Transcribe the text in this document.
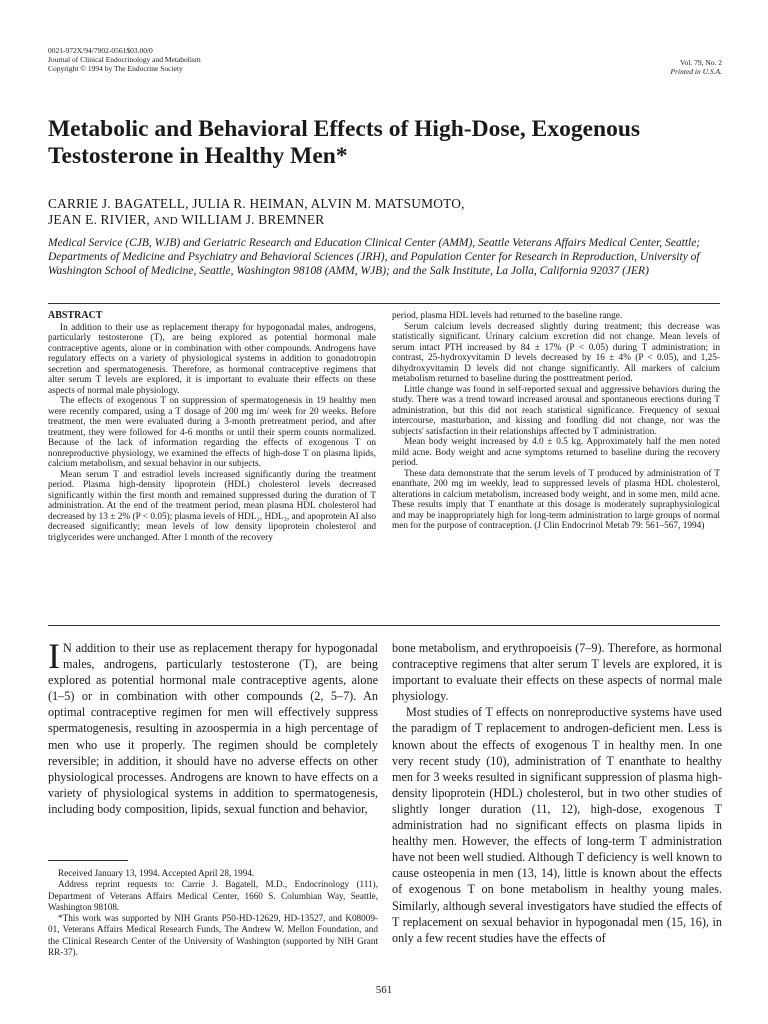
0021-972X/94/7902-0561$03.00/0
Journal of Clinical Endocrinology and Metabolism
Copyright © 1994 by The Endocrine Society
Vol. 79, No. 2
Printed in U.S.A.
Metabolic and Behavioral Effects of High-Dose, Exogenous Testosterone in Healthy Men*
CARRIE J. BAGATELL, JULIA R. HEIMAN, ALVIN M. MATSUMOTO,
JEAN E. RIVIER, AND WILLIAM J. BREMNER
Medical Service (CJB, WJB) and Geriatric Research and Education Clinical Center (AMM), Seattle Veterans Affairs Medical Center, Seattle; Departments of Medicine and Psychiatry and Behavioral Sciences (JRH), and Population Center for Research in Reproduction, University of Washington School of Medicine, Seattle, Washington 98108 (AMM, WJB); and the Salk Institute, La Jolla, California 92037 (JER)
ABSTRACT

In addition to their use as replacement therapy for hypogonadal males, androgens, particularly testosterone (T), are being explored as potential hormonal male contraceptive agents, alone or in combination with other compounds. Androgens have regulatory effects on a variety of physiological systems in addition to gonadotropin secretion and spermatogenesis. Therefore, as hormonal contraceptive regimens that alter serum T levels are explored, it is important to evaluate their effects on these aspects of normal male physiology.

The effects of exogenous T on suppression of spermatogenesis in 19 healthy men were recently compared, using a T dosage of 200 mg im/ week for 20 weeks. Before treatment, the men were evaluated during a 3-month pretreatment period, and after treatment, they were followed for 4-6 months or until their sperm counts normalized. Because of the lack of information regarding the effects of exogenous T on nonreproductive physiology, we examined the effects of high-dose T on plasma lipids, calcium metabolism, and sexual behavior in our subjects.

Mean serum T and estradiol levels increased significantly during the treatment period. Plasma high-density lipoprotein (HDL) cholesterol levels decreased significantly within the first month and remained suppressed during the duration of T administration. At the end of the treatment period, mean plasma HDL cholesterol had decreased by 13 ± 2% (P < 0.05); plasma levels of HDL₂, HDL₃, and apoprotein AI also decreased significantly; mean levels of low density lipoprotein cholesterol and triglycerides were unchanged. After 1 month of the recovery

period, plasma HDL levels had returned to the baseline range.

Serum calcium levels decreased slightly during treatment; this decrease was statistically significant. Urinary calcium excretion did not change. Mean levels of serum intact PTH increased by 84 ± 17% (P < 0.05) during T administration; in contrast, 25-hydroxyvitamin D levels decreased by 16 ± 4% (P < 0.05), and 1,25-dihydroxyvitamin D levels did not change significantly. All markers of calcium metabolism returned to baseline during the posttreatment period.

Little change was found in self-reported sexual and aggressive behaviors during the study. There was a trend toward increased arousal and spontaneous erections during T administration, but this did not reach statistical significance. Frequency of sexual intercourse, masturbation, and kissing and fondling did not change, nor was the subjects' satisfaction in their relationships affected by T administration.

Mean body weight increased by 4.0 ± 0.5 kg. Approximately half the men noted mild acne. Body weight and acne symptoms returned to baseline during the recovery period.

These data demonstrate that the serum levels of T produced by administration of T enanthate, 200 mg im weekly, lead to suppressed levels of plasma HDL cholesterol, alterations in calcium metabolism, increased body weight, and in some men, mild acne. These results imply that T enanthate at this dosage is moderately supraphysiological and may be inappropriately high for long-term administration to large groups of normal men for the purpose of contraception. (J Clin Endocrinol Metab 79: 561–567, 1994)

I N addition to their use as replacement therapy for hypogonadal males, androgens, particularly testosterone (T), are being explored as potential hormonal male contraceptive agents, alone (1–5) or in combination with other compounds (2, 5–7). An optimal contraceptive regimen for men will effectively suppress spermatogenesis, resulting in azoospermia in a high percentage of men who use it properly. The regimen should be completely reversible; in addition, it should have no adverse effects on other physiological processes. Androgens are known to have effects on a variety of physiological systems in addition to spermatogenesis, including body composition, lipids, sexual function and behavior,

bone metabolism, and erythropoeisis (7–9). Therefore, as hormonal contraceptive regimens that alter serum T levels are explored, it is important to evaluate their effects on these aspects of normal male physiology.

Most studies of T effects on nonreproductive systems have used the paradigm of T replacement to androgen-deficient men. Less is known about the effects of exogenous T in healthy men. In one very recent study (10), administration of T enanthate to healthy men for 3 weeks resulted in significant suppression of plasma high-density lipoprotein (HDL) cholesterol, but in two other studies of slightly longer duration (11, 12), high-dose, exogenous T administration had no significant effects on plasma lipids in healthy men. However, the effects of long-term T administration have not been well studied. Although T deficiency is well known to cause osteopenia in men (13, 14), little is known about the effects of exogenous T on bone metabolism in healthy young males. Similarly, although several investigators have studied the effects of T replacement on sexual behavior in hypogonadal men (15, 16), in only a few recent studies have the effects of

Received January 13, 1994. Accepted April 28, 1994.

Address reprint requests to: Carrie J. Bagatell, M.D., Endocrinology (111), Department of Veterans Affairs Medical Center, 1660 S. Columbian Way, Seattle, Washington 98108.

*This work was supported by NIH Grants P50-HD-12629, HD-13527, and K08009-01, Veterans Affairs Medical Research Funds, The Andrew W. Mellon Foundation, and the Clinical Research Center of the University of Washington (supported by NIH Grant RR-37).

561
